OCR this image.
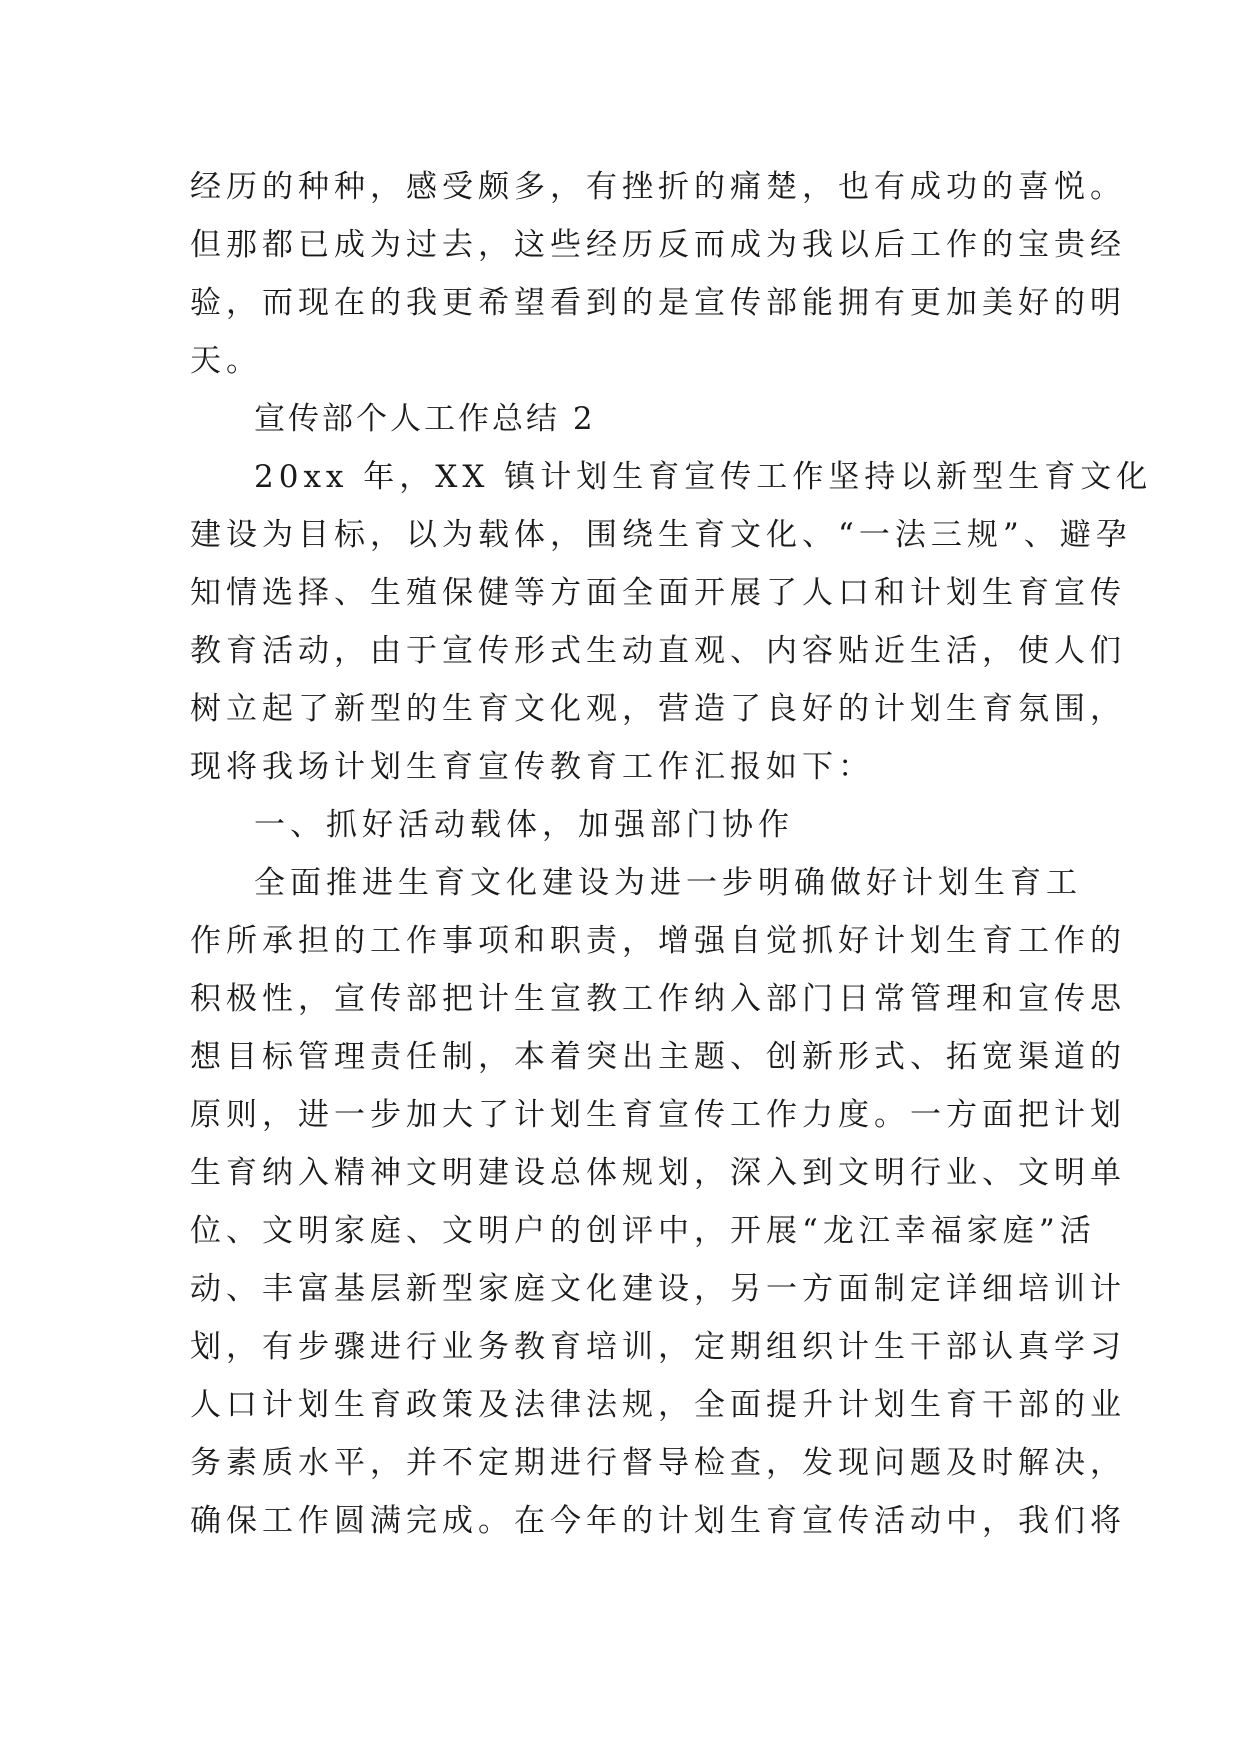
经历的种种，感受颇多，有挫折的痛楚，也有成功的喜悦。
但那都已成为过去，这些经历反而成为我以后工作的宝贵经
验，而现在的我更希望看到的是宣传部能拥有更加美好的明
天。
宣传部个人工作总结 2
20xx 年，XX 镇计划生育宣传工作坚持以新型生育文化
建设为目标，以为载体，围绕生育文化、“一法三规”、避孕
知情选择、生殖保健等方面全面开展了人口和计划生育宣传
教育活动，由于宣传形式生动直观、内容贴近生活，使人们
树立起了新型的生育文化观，营造了良好的计划生育氛围，
现将我场计划生育宣传教育工作汇报如下：
一、抓好活动载体，加强部门协作
全面推进生育文化建设为进一步明确做好计划生育工
作所承担的工作事项和职责，增强自觉抓好计划生育工作的
积极性，宣传部把计生宣教工作纳入部门日常管理和宣传思
想目标管理责任制，本着突出主题、创新形式、拓宽渠道的
原则，进一步加大了计划生育宣传工作力度。一方面把计划
生育纳入精神文明建设总体规划，深入到文明行业、文明单
位、文明家庭、文明户的创评中，开展“龙江幸福家庭”活
动、丰富基层新型家庭文化建设，另一方面制定详细培训计
划，有步骤进行业务教育培训，定期组织计生干部认真学习
人口计划生育政策及法律法规，全面提升计划生育干部的业
务素质水平，并不定期进行督导检查，发现问题及时解决，
确保工作圆满完成。在今年的计划生育宣传活动中，我们将
